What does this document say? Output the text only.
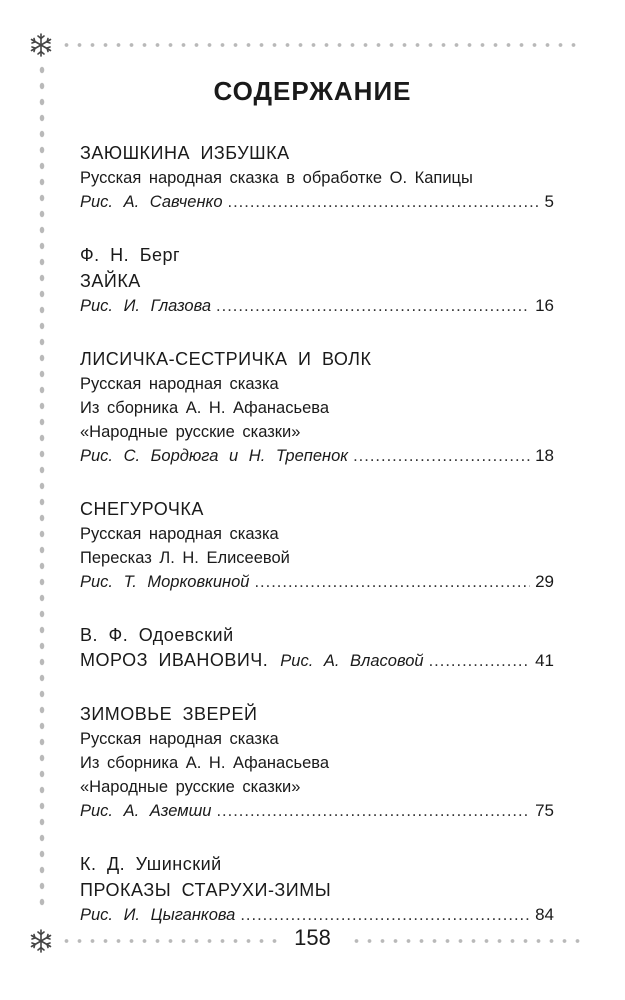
СОДЕРЖАНИЕ
ЗАЮШКИНА ИЗБУШКА
Русская народная сказка в обработке О. Капицы
Рис. А. Савченко .....	5
Ф. Н. Берг
ЗАЙКА
Рис. И. Глазова .....	16
ЛИСИЧКА-СЕСТРИЧКА И ВОЛК
Русская народная сказка
Из сборника А. Н. Афанасьева
«Народные русские сказки»
Рис. С. Бордюга и Н. Трепенок .....	18
СНЕГУРОЧКА
Русская народная сказка
Пересказ Л. Н. Елисеевой
Рис. Т. Морковкиной .....	29
В. Ф. Одоевский
МОРОЗ ИВАНОВИЧ. Рис. А. Власовой .....	41
ЗИМОВЬЕ ЗВЕРЕЙ
Русская народная сказка
Из сборника А. Н. Афанасьева
«Народные русские сказки»
Рис. А. Аземши .....	75
К. Д. Ушинский
ПРОКАЗЫ СТАРУХИ-ЗИМЫ
Рис. И. Цыганкова .....	84
158
